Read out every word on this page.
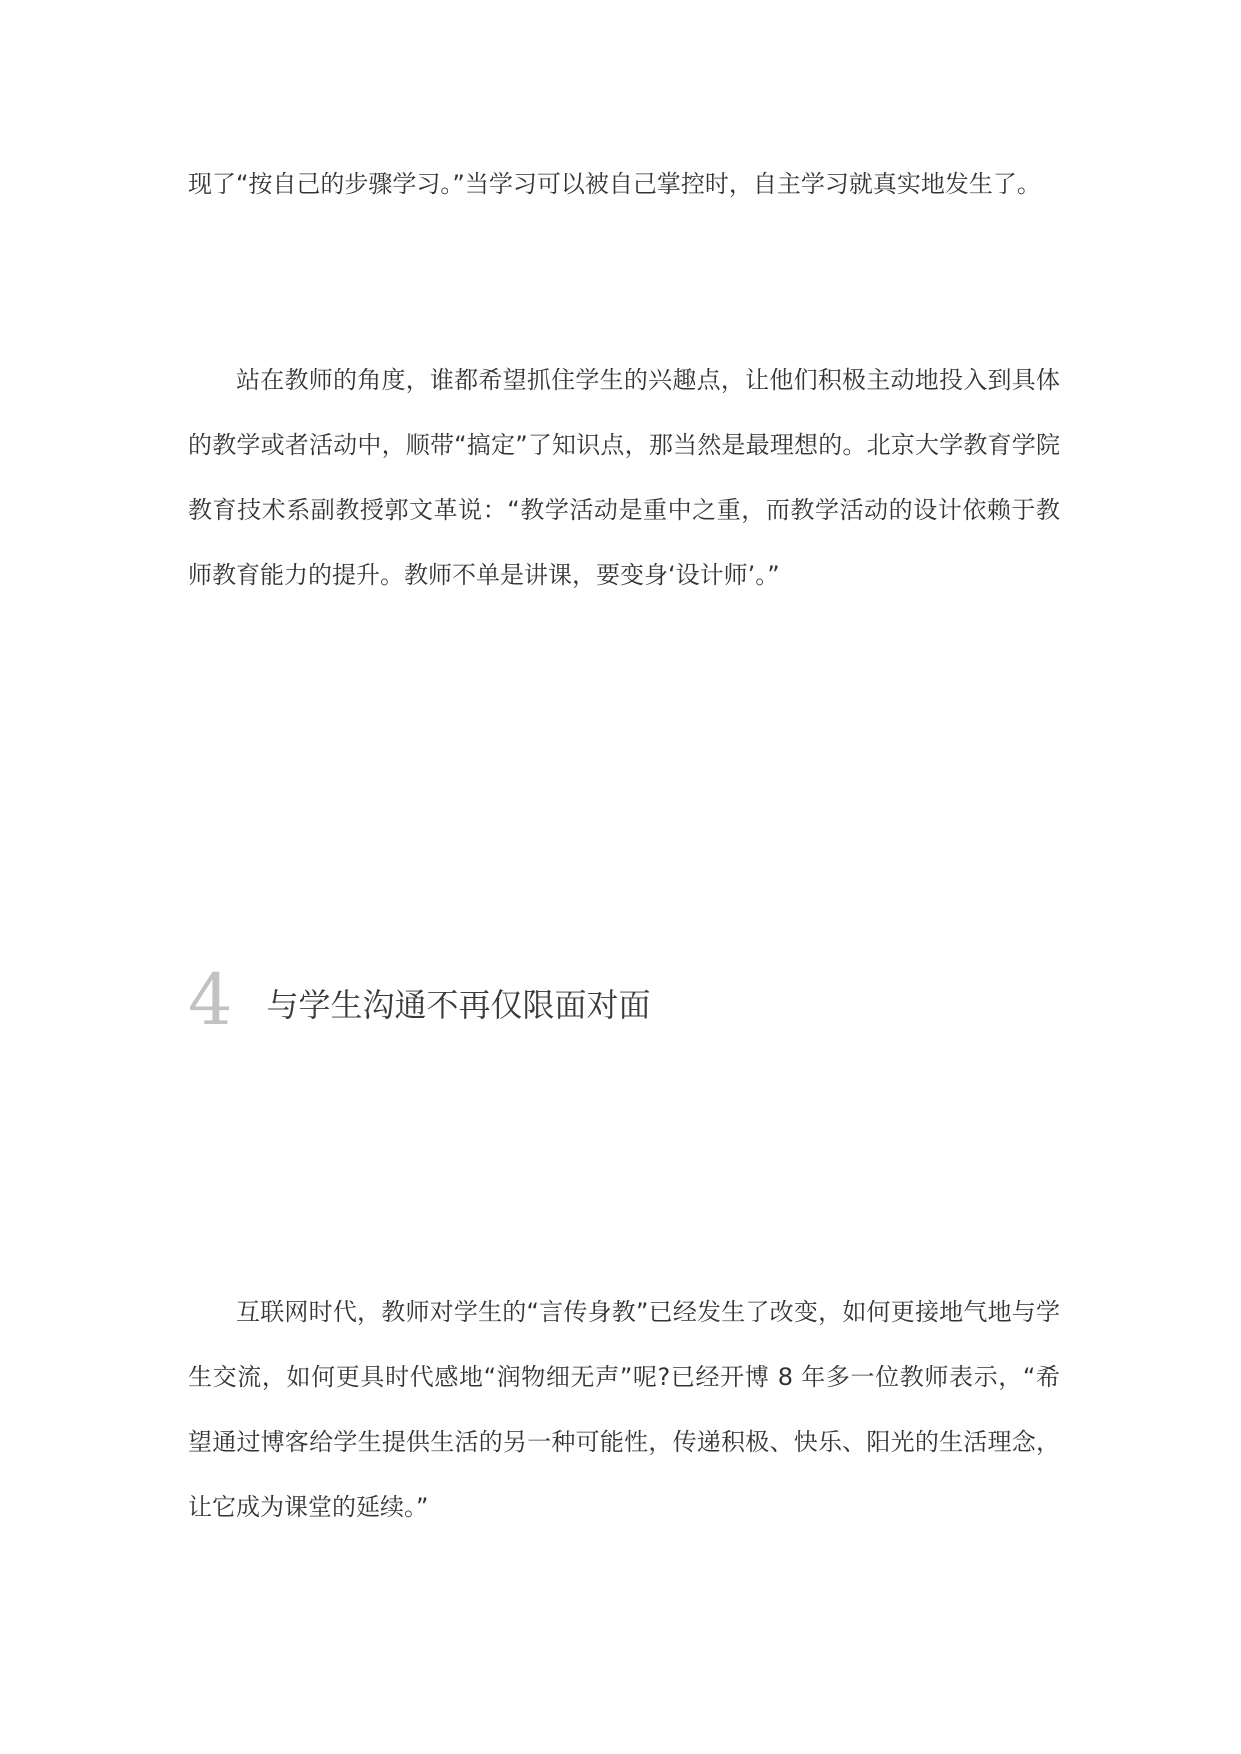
现了“按自己的步骤学习。”当学习可以被自己掌控时，自主学习就真实地发生了。

站在教师的角度，谁都希望抓住学生的兴趣点，让他们积极主动地投入到具体的教学或者活动中，顺带“搞定”了知识点，那当然是最理想的。北京大学教育学院教育技术系副教授郭文革说：“教学活动是重中之重，而教学活动的设计依赖于教师教育能力的提升。教师不单是讲课，要变身‘设计师’。”

4 与学生沟通不再仅限面对面

互联网时代，教师对学生的“言传身教”已经发生了改变，如何更接地气地与学生交流，如何更具时代感地“润物细无声”呢?已经开博 8 年多一位教师表示，“希望通过博客给学生提供生活的另一种可能性，传递积极、快乐、阳光的生活理念，让它成为课堂的延续。”
